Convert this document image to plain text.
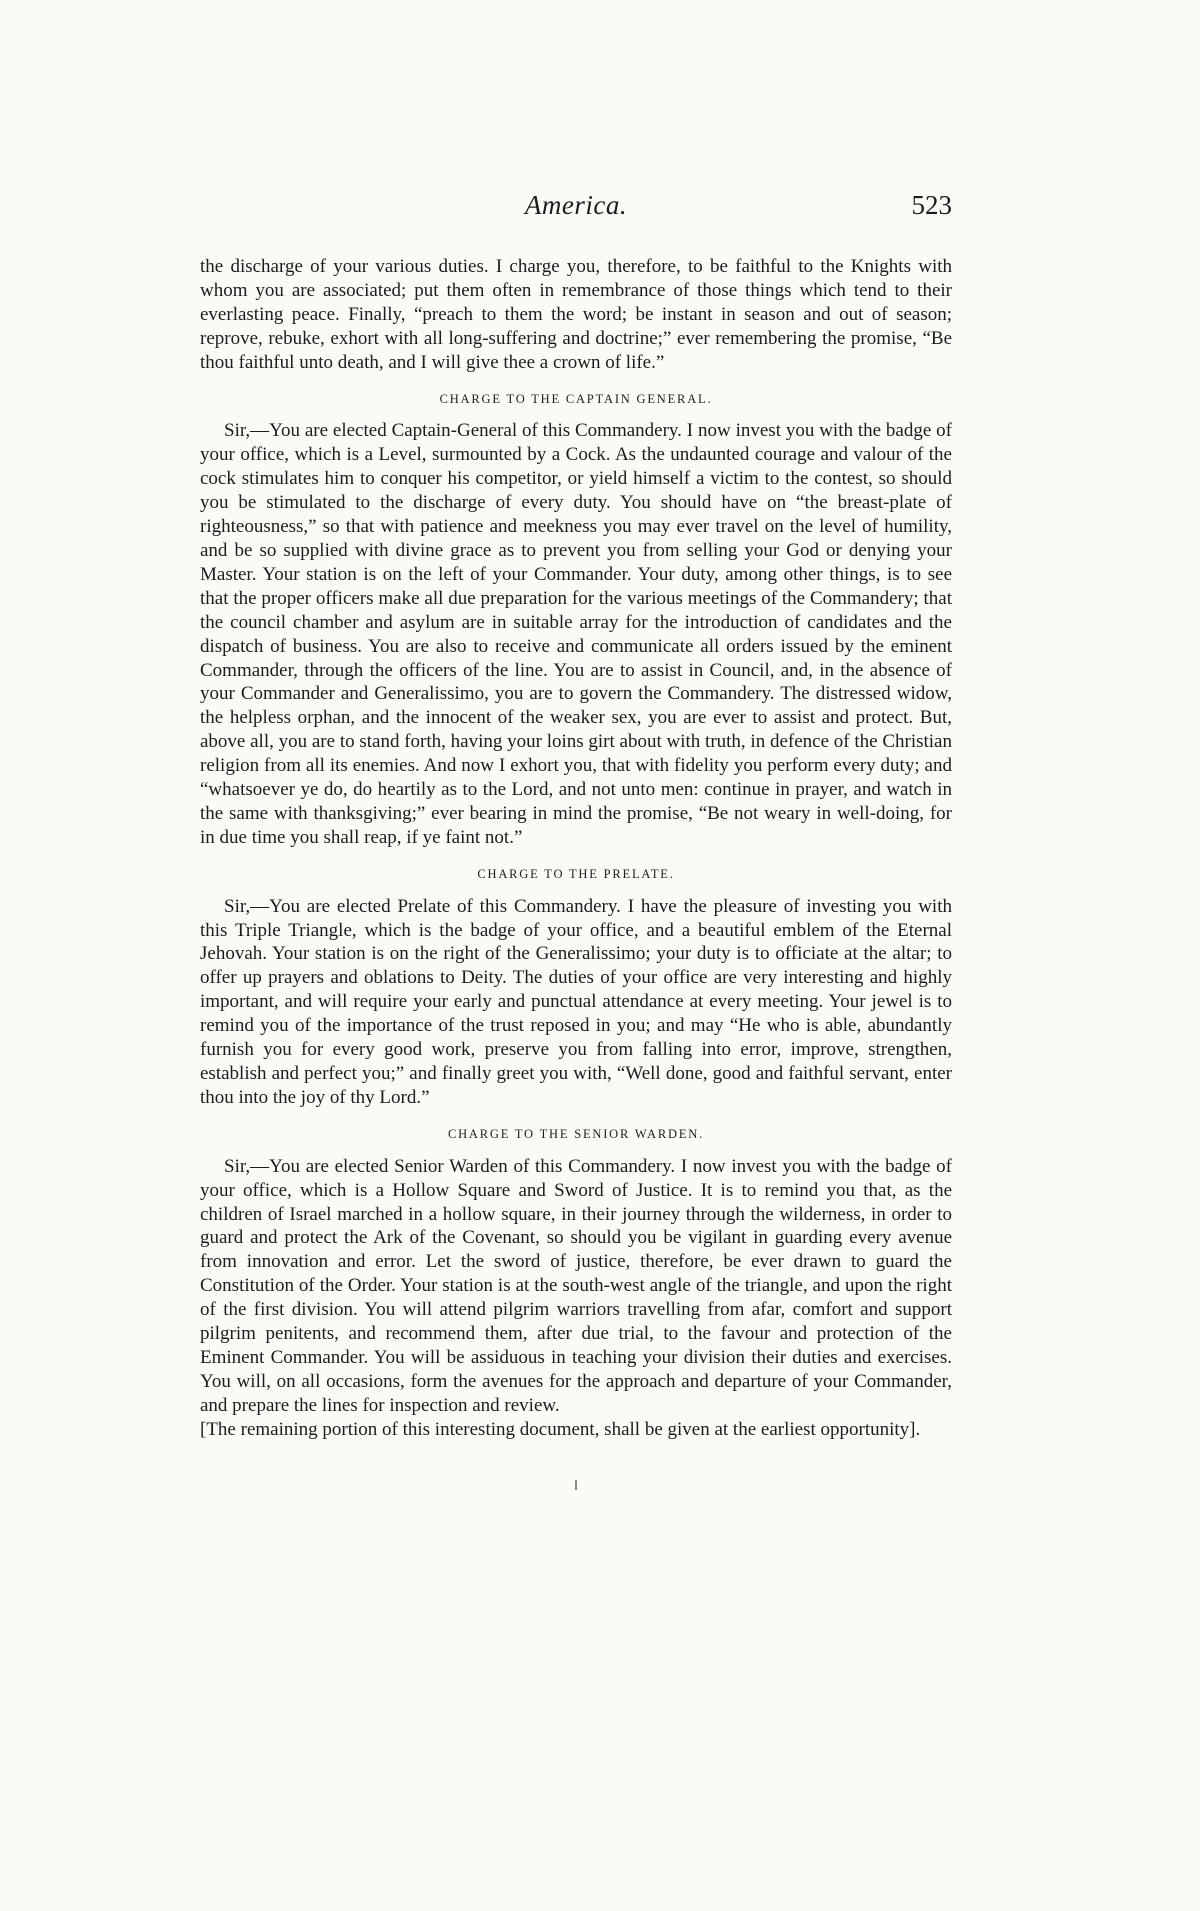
America.	523

the discharge of your various duties. I charge you, therefore, to be faithful to the Knights with whom you are associated; put them often in remembrance of those things which tend to their everlasting peace. Finally, “preach to them the word; be instant in season and out of season; reprove, rebuke, exhort with all long-suffering and doctrine;” ever remembering the promise, “Be thou faithful unto death, and I will give thee a crown of life.”

CHARGE TO THE CAPTAIN GENERAL.

Sir,—You are elected Captain-General of this Commandery. I now invest you with the badge of your office, which is a Level, surmounted by a Cock. As the undaunted courage and valour of the cock stimulates him to conquer his competitor, or yield himself a victim to the contest, so should you be stimulated to the discharge of every duty. You should have on “the breast-plate of righteousness,” so that with patience and meekness you may ever travel on the level of humility, and be so supplied with divine grace as to prevent you from selling your God or denying your Master. Your station is on the left of your Commander. Your duty, among other things, is to see that the proper officers make all due preparation for the various meetings of the Commandery; that the council chamber and asylum are in suitable array for the introduction of candidates and the dispatch of business. You are also to receive and communicate all orders issued by the eminent Commander, through the officers of the line. You are to assist in Council, and, in the absence of your Commander and Generalissimo, you are to govern the Commandery. The distressed widow, the helpless orphan, and the innocent of the weaker sex, you are ever to assist and protect. But, above all, you are to stand forth, having your loins girt about with truth, in defence of the Christian religion from all its enemies. And now I exhort you, that with fidelity you perform every duty; and “whatsoever ye do, do heartily as to the Lord, and not unto men: continue in prayer, and watch in the same with thanksgiving;” ever bearing in mind the promise, “Be not weary in well-doing, for in due time you shall reap, if ye faint not.”

CHARGE TO THE PRELATE.

Sir,—You are elected Prelate of this Commandery. I have the pleasure of investing you with this Triple Triangle, which is the badge of your office, and a beautiful emblem of the Eternal Jehovah. Your station is on the right of the Generalissimo; your duty is to officiate at the altar; to offer up prayers and oblations to Deity. The duties of your office are very interesting and highly important, and will require your early and punctual attendance at every meeting. Your jewel is to remind you of the importance of the trust reposed in you; and may “He who is able, abundantly furnish you for every good work, preserve you from falling into error, improve, strengthen, establish and perfect you;” and finally greet you with, “Well done, good and faithful servant, enter thou into the joy of thy Lord.”

CHARGE TO THE SENIOR WARDEN.

Sir,—You are elected Senior Warden of this Commandery. I now invest you with the badge of your office, which is a Hollow Square and Sword of Justice. It is to remind you that, as the children of Israel marched in a hollow square, in their journey through the wilderness, in order to guard and protect the Ark of the Covenant, so should you be vigilant in guarding every avenue from innovation and error. Let the sword of justice, therefore, be ever drawn to guard the Constitution of the Order. Your station is at the south-west angle of the triangle, and upon the right of the first division. You will attend pilgrim warriors travelling from afar, comfort and support pilgrim penitents, and recommend them, after due trial, to the favour and protection of the Eminent Commander. You will be assiduous in teaching your division their duties and exercises. You will, on all occasions, form the avenues for the approach and departure of your Commander, and prepare the lines for inspection and review.

[The remaining portion of this interesting document, shall be given at the earliest opportunity].
